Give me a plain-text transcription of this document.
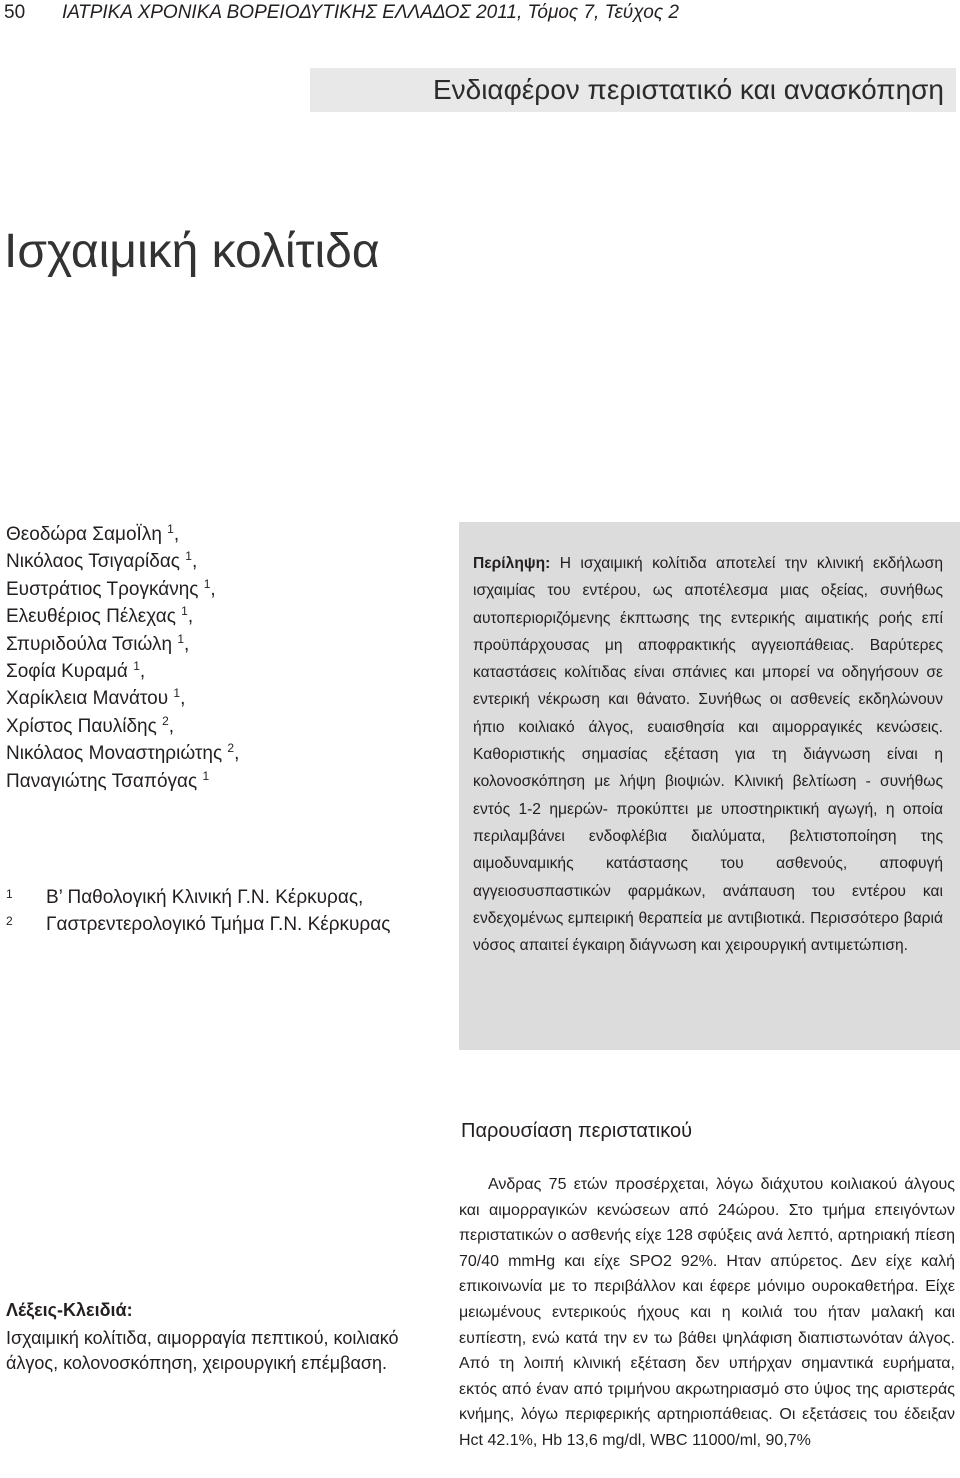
50 ΙΑΤΡΙΚΑ ΧΡΟΝΙΚΑ ΒΟΡΕΙΟΔΥΤΙΚΗΣ ΕΛΛΑΔΟΣ 2011, Τόμος 7, Τεύχος 2
Ενδιαφέρον περιστατικό και ανασκόπηση
Ισχαιμική κολίτιδα
Θεοδώρα ΣαμοΪλη $^1$,
Νικόλαος Τσιγαρίδας $^1$,
Ευστράτιος Τρογκάνης $^1$,
Ελευθέριος Πέλεχας $^1$,
Σπυριδούλα Τσιώλη $^1$,
Σοφία Κυραμά $^1$,
Χαρίκλεια Μανάτου $^1$,
Χρίστος Παυλίδης $^2$,
Νικόλαος Μοναστηριώτης $^2$,
Παναγιώτης Τσαπόγας $^1$
1 Β’ Παθολογική Κλινική Γ.Ν. Κέρκυρας,
2 Γαστρεντερολογικό Τμήμα Γ.Ν. Κέρκυρας

Περίληψη: Η ισχαιμική κολίτιδα αποτελεί την κλινική εκδήλωση ισχαιμίας του εντέρου, ως αποτέλεσμα μιας οξείας, συνήθως αυτοπεριοριζόμενης έκπτωσης της εντερικής αιματικής ροής επί προϋπάρχουσας μη αποφρακτικής αγγειοπάθειας. Βαρύτερες καταστάσεις κολίτιδας είναι σπάνιες και μπορεί να οδηγήσουν σε εντερική νέκρωση και θάνατο. Συνήθως οι ασθενείς εκδηλώνουν ήπιο κοιλιακό άλγος, ευαισθησία και αιμορραγικές κενώσεις. Καθοριστικής σημασίας εξέταση για τη διάγνωση είναι η κολονοσκόπηση με λήψη βιοψιών. Κλινική βελτίωση - συνήθως εντός 1-2 ημερών- προκύπτει με υποστηρικτική αγωγή, η οποία περιλαμβάνει ενδοφλέβια διαλύματα, βελτιστοποίηση της αιμοδυναμικής κατάστασης του ασθενούς, αποφυγή αγγειοσυσπαστικών φαρμάκων, ανάπαυση του εντέρου και ενδεχομένως εμπειρική θεραπεία με αντιβιοτικά. Περισσότερο βαριά νόσος απαιτεί έγκαιρη διάγνωση και χειρουργική αντιμετώπιση.

Παρουσίαση περιστατικού
Λέξεις-Κλειδιά:

Ισχαιμική κολίτιδα, αιμορραγία πεπτικού, κοιλιακό άλγος, κολονοσκόπηση, χειρουργική επέμβαση.

Ανδρας 75 ετών προσέρχεται, λόγω διάχυτου κοιλιακού άλγους και αιμορραγικών κενώσεων από 24ώρου. Στο τμήμα επειγόντων περιστατικών ο ασθενής είχε 128 σφύξεις ανά λεπτό, αρτηριακή πίεση 70/40 mmHg και είχε SPO2 92%. Ηταν απύρετος. Δεν είχε καλή επικοινωνία με το περιβάλλον και έφερε μόνιμο ουροκαθετήρα. Είχε μειωμένους εντερικούς ήχους και η κοιλιά του ήταν μαλακή και ευπίεστη, ενώ κατά την εν τω βάθει ψηλάφιση διαπιστωνόταν άλγος. Από τη λοιπή κλινική εξέταση δεν υπήρχαν σημαντικά ευρήματα, εκτός από έναν από τριμήνου ακρωτηριασμό στο ύψος της αριστεράς κνήμης, λόγω περιφερικής αρτηριοπάθειας. Οι εξετάσεις του έδειξαν Hct 42.1%, Hb 13,6 mg/dl, WBC 11000/ml, 90,7%
